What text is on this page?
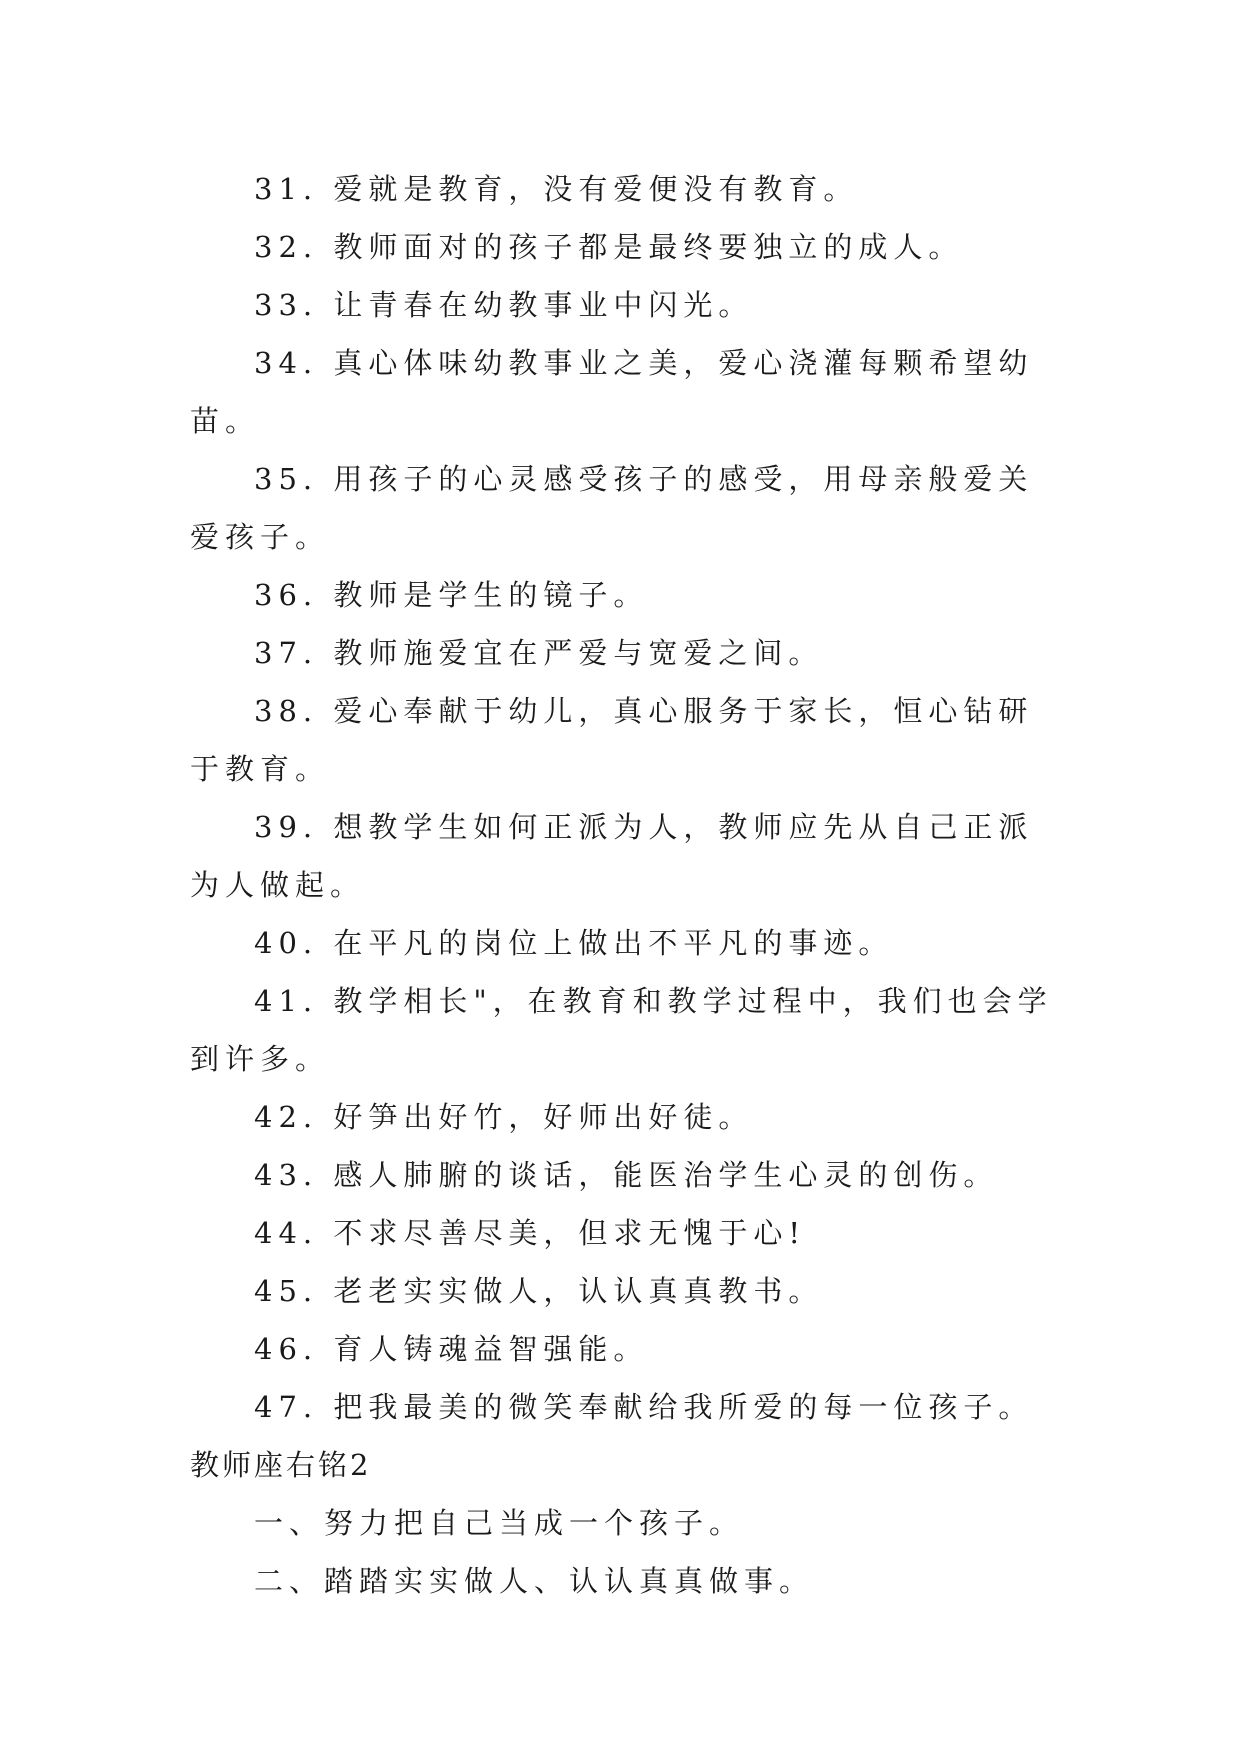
31. 爱就是教育，没有爱便没有教育。

32. 教师面对的孩子都是最终要独立的成人。

33. 让青春在幼教事业中闪光。

34. 真心体味幼教事业之美，爱心浇灌每颗希望幼苗。

35. 用孩子的心灵感受孩子的感受，用母亲般爱关爱孩子。

36. 教师是学生的镜子。

37. 教师施爱宜在严爱与宽爱之间。

38. 爱心奉献于幼儿，真心服务于家长，恒心钻研于教育。

39. 想教学生如何正派为人，教师应先从自己正派为人做起。

40. 在平凡的岗位上做出不平凡的事迹。

41. 教学相长"，在教育和教学过程中，我们也会学到许多。

42. 好笋出好竹，好师出好徒。

43. 感人肺腑的谈话，能医治学生心灵的创伤。

44. 不求尽善尽美，但求无愧于心!

45. 老老实实做人，认认真真教书。

46. 育人铸魂益智强能。

47. 把我最美的微笑奉献给我所爱的每一位孩子。

教师座右铭2

一、努力把自己当成一个孩子。

二、踏踏实实做人、认认真真做事。
